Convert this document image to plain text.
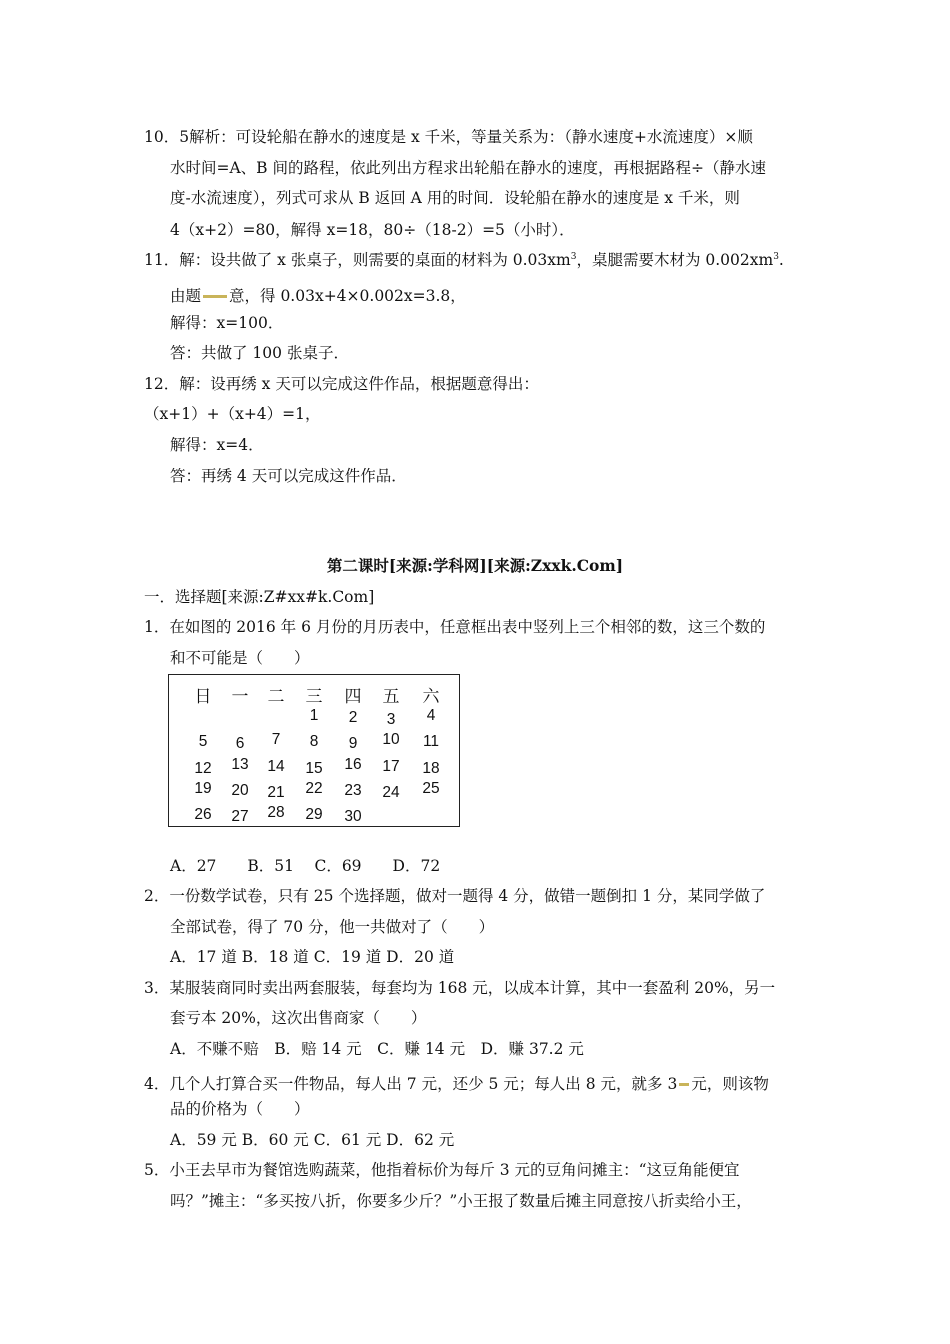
10．5解析：可设轮船在静水的速度是 x 千米，等量关系为：（静水速度+水流速度）×顺
水时间=A、B 间的路程，依此列出方程求出轮船在静水的速度，再根据路程÷（静水速
度-水流速度），列式可求从 B 返回 A 用的时间．设轮船在静水的速度是 x 千米，则
4（x+2）=80，解得 x=18，80÷（18-2）=5（小时）．
11．解：设共做了 x 张桌子，则需要的桌面的材料为 $0.03xm^3$，桌腿需要木材为 $0.002xm^3$.
由题 意，得 0.03x+4×0.002x=3.8，
解得：x=100．
答：共做了 100 张桌子．
12．解：设再绣 x 天可以完成这件作品，根据题意得出：
（x+1）+（x+4）=1，
解得：x=4．
答：再绣 4 天可以完成这件作品．
第二课时[来源:学科网][来源:Zxxk.Com]
一．选择题[来源:Z#xx#k.Com]
1．在如图的 2016 年 6 月份的月历表中，任意框出表中竖列上三个相邻的数，这三个数的
和不可能是（　　）
日 一 二 三 四 五 六
1 2 3 4
5 6 7 8 9 10 11
12 13 14 15 16 17 18
19 20 21 22 23 24 25
26 27 28 29 30
A．27　　B．51　 C．69　　D．72
2．一份数学试卷，只有 25 个选择题，做对一题得 4 分，做错一题倒扣 1 分，某同学做了
全部试卷，得了 70 分，他一共做对了（　　）
A．17 道 B．18 道 C．19 道 D．20 道
3．某服装商同时卖出两套服装，每套均为 168 元，以成本计算，其中一套盈利 20%，另一
套亏本 20%，这次出售商家（　　）
A．不赚不赔　B．赔 14 元　C．赚 14 元　D．赚 37.2 元
4．几个人打算合买一件物品，每人出 7 元，还少 5 元；每人出 8 元，就多 3 元，则该物
品的价格为（　　）
A．59 元 B．60 元 C．61 元 D．62 元
5．小王去早市为餐馆选购蔬菜，他指着标价为每斤 3 元的豆角问摊主：“这豆角能便宜
吗？”摊主：“多买按八折，你要多少斤？”小王报了数量后摊主同意按八折卖给小王，
